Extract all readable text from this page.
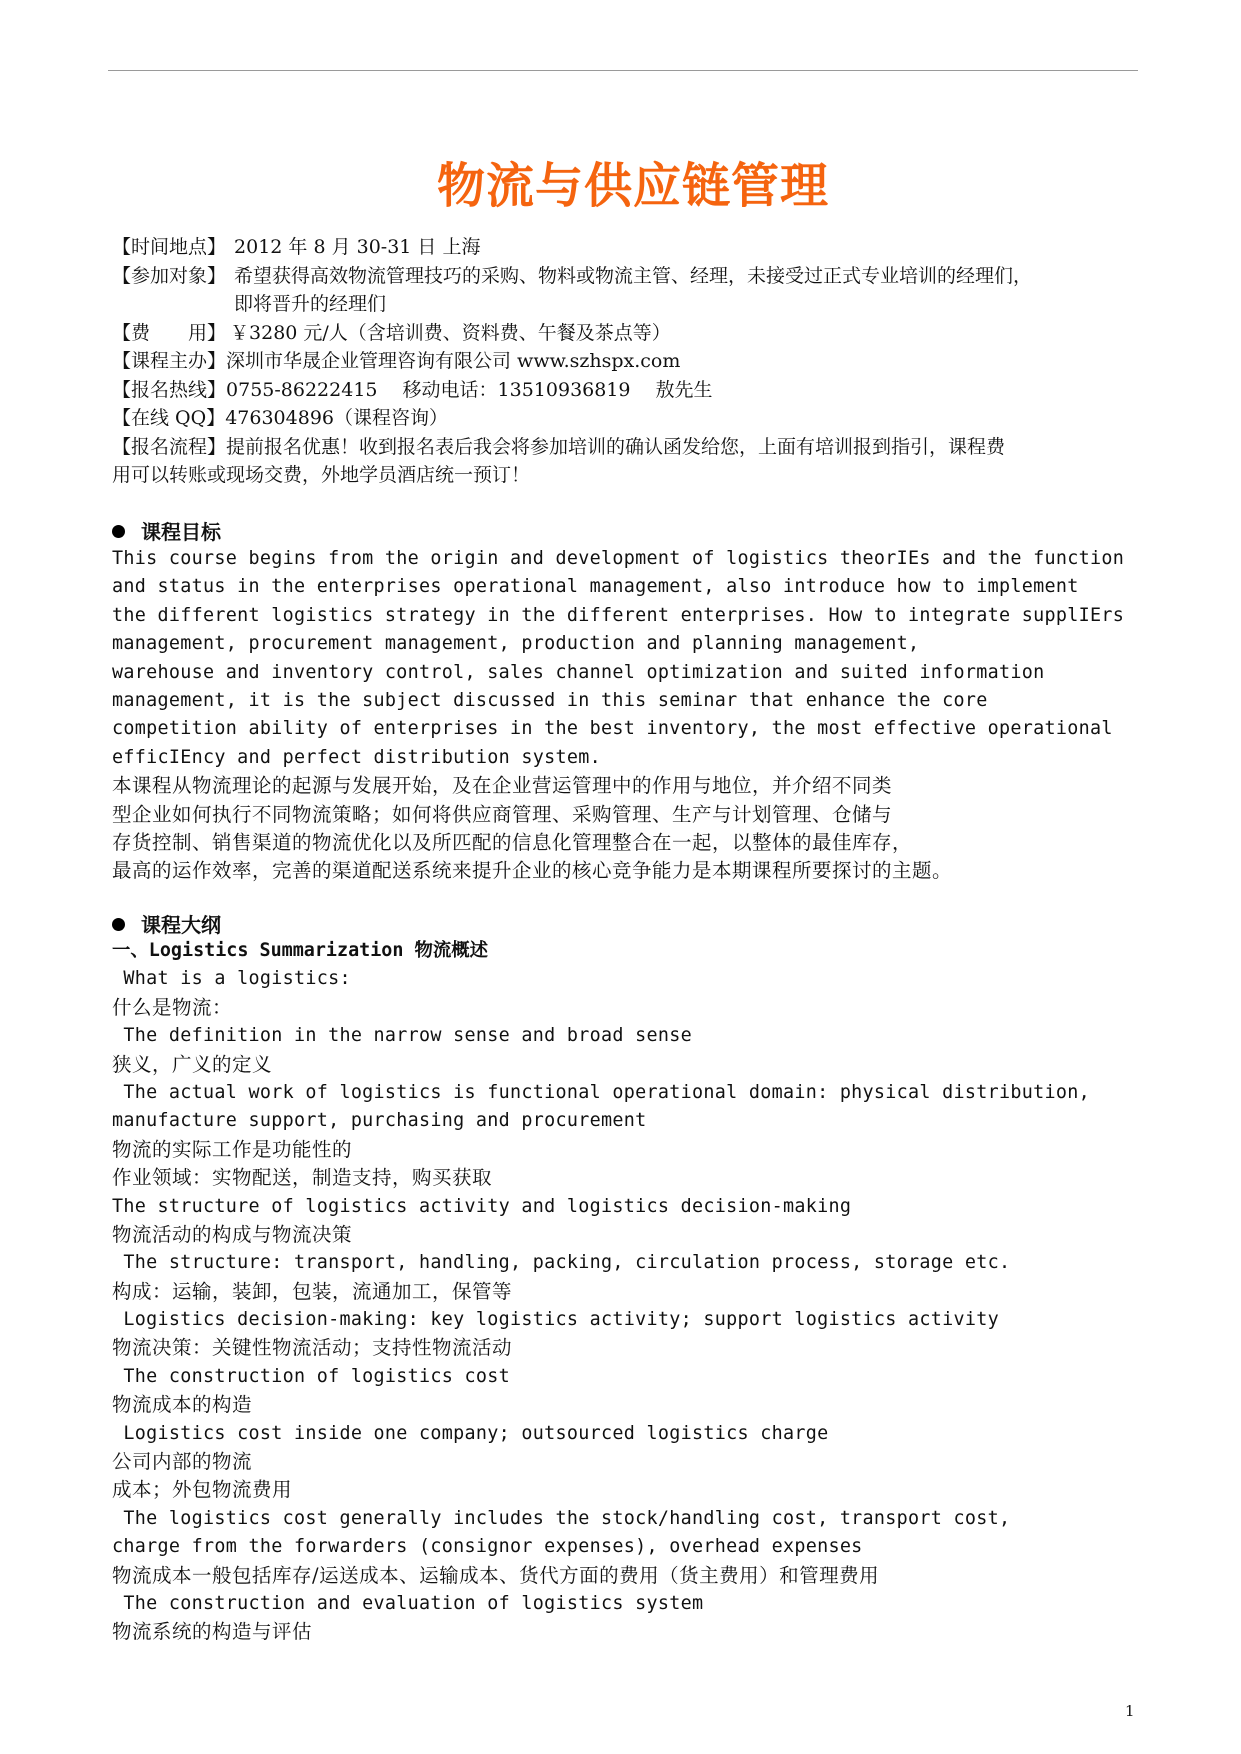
物流与供应链管理
【时间地点】 2012 年 8 月 30-31 日 上海
【参加对象】 希望获得高效物流管理技巧的采购、物料或物流主管、经理，未接受过正式专业培训的经理们，
即将晋升的经理们
【费　　用】 ￥3280 元/人（含培训费、资料费、午餐及茶点等）
【课程主办】 深圳市华晟企业管理咨询有限公司 www.szhspx.com
【报名热线】 0755-86222415　 移动电话：13510936819　 敖先生
【在线 QQ】 476304896（课程咨询）
【报名流程】提前报名优惠！收到报名表后我会将参加培训的确认函发给您，上面有培训报到指引，课程费
用可以转账或现场交费，外地学员酒店统一预订！
课程目标
This course begins from the origin and development of logistics theorIEs and the function
and status in the enterprises operational management, also introduce how to implement
the different logistics strategy in the different enterprises. How to integrate supplIErs
management, procurement management, production and planning management,
warehouse and inventory control, sales channel optimization and suited information
management, it is the subject discussed in this seminar that enhance the core
competition ability of enterprises in the best inventory, the most effective operational
efficIEncy and perfect distribution system.
本课程从物流理论的起源与发展开始，及在企业营运管理中的作用与地位，并介绍不同类
型企业如何执行不同物流策略；如何将供应商管理、采购管理、生产与计划管理、仓储与
存货控制、销售渠道的物流优化以及所匹配的信息化管理整合在一起，以整体的最佳库存，
最高的运作效率，完善的渠道配送系统来提升企业的核心竞争能力是本期课程所要探讨的主题。
课程大纲
一、Logistics Summarization 物流概述
What is a logistics:
什么是物流：
The definition in the narrow sense and broad sense
狭义，广义的定义
The actual work of logistics is functional operational domain: physical distribution,
manufacture support, purchasing and procurement
物流的实际工作是功能性的
作业领域：实物配送，制造支持，购买获取
The structure of logistics activity and logistics decision-making
物流活动的构成与物流决策
The structure: transport, handling, packing, circulation process, storage etc.
构成：运输，装卸，包装，流通加工，保管等
Logistics decision-making: key logistics activity; support logistics activity
物流决策：关键性物流活动；支持性物流活动
The construction of logistics cost
物流成本的构造
Logistics cost inside one company; outsourced logistics charge
公司内部的物流
成本；外包物流费用
The logistics cost generally includes the stock/handling cost, transport cost,
charge from the forwarders (consignor expenses), overhead expenses
物流成本一般包括库存/运送成本、运输成本、货代方面的费用（货主费用）和管理费用
The construction and evaluation of logistics system
物流系统的构造与评估
1
